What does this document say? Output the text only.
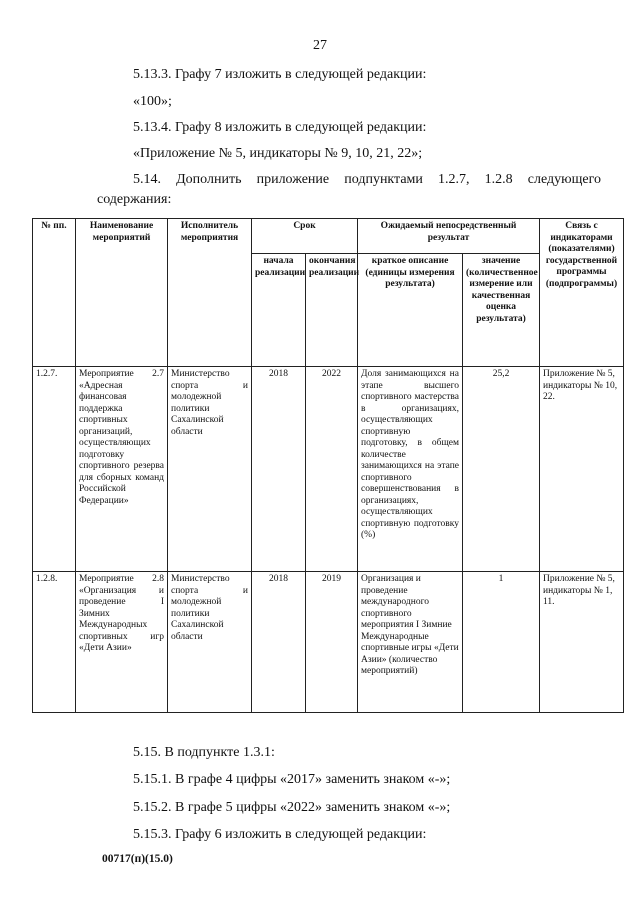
27
5.13.3. Графу 7 изложить в следующей редакции:
«100»;
5.13.4. Графу 8 изложить в следующей редакции:
«Приложение № 5, индикаторы № 9, 10, 21, 22»;
5.14. Дополнить приложение подпунктами 1.2.7, 1.2.8 следующего
содержания:
№ пп.	Наименование мероприятий	Исполнитель мероприятия	Срок		Ожидаемый непосредственный результат		Связь с индикаторами (показателями) государственной программы (подпрограммы)
			начала реализации	окончания реализации	краткое описание (единицы измерения результата)	значение (количественное измерение или качественная оценка результата)	
1.2.7.	Мероприятие 2.7 «Адресная финансовая поддержка спортивных организаций, осуществляющих подготовку спортивного резерва для сборных команд Российской Федерации»	Министерство спорта и молодежной политики Сахалинской области	2018	2022	Доля занимающихся на этапе высшего спортивного мастерства в организациях, осуществляющих спортивную подготовку, в общем количестве занимающихся на этапе спортивного совершенствования в организациях, осуществляющих спортивную подготовку (%)	25,2	Приложение № 5, индикаторы № 10, 22.
1.2.8.	Мероприятие 2.8 «Организация и проведение I Зимних Международных спортивных игр «Дети Азии»	Министерство спорта и молодежной политики Сахалинской области	2018	2019	Организация и проведение международного спортивного мероприятия I Зимние Международные спортивные игры «Дети Азии» (количество мероприятий)	1	Приложение № 5, индикаторы № 1, 11.
5.15. В подпункте 1.3.1:
5.15.1. В графе 4 цифры «2017» заменить знаком «-»;
5.15.2. В графе 5 цифры «2022» заменить знаком «-»;
5.15.3. Графу 6 изложить в следующей редакции:
00717(п)(15.0)
